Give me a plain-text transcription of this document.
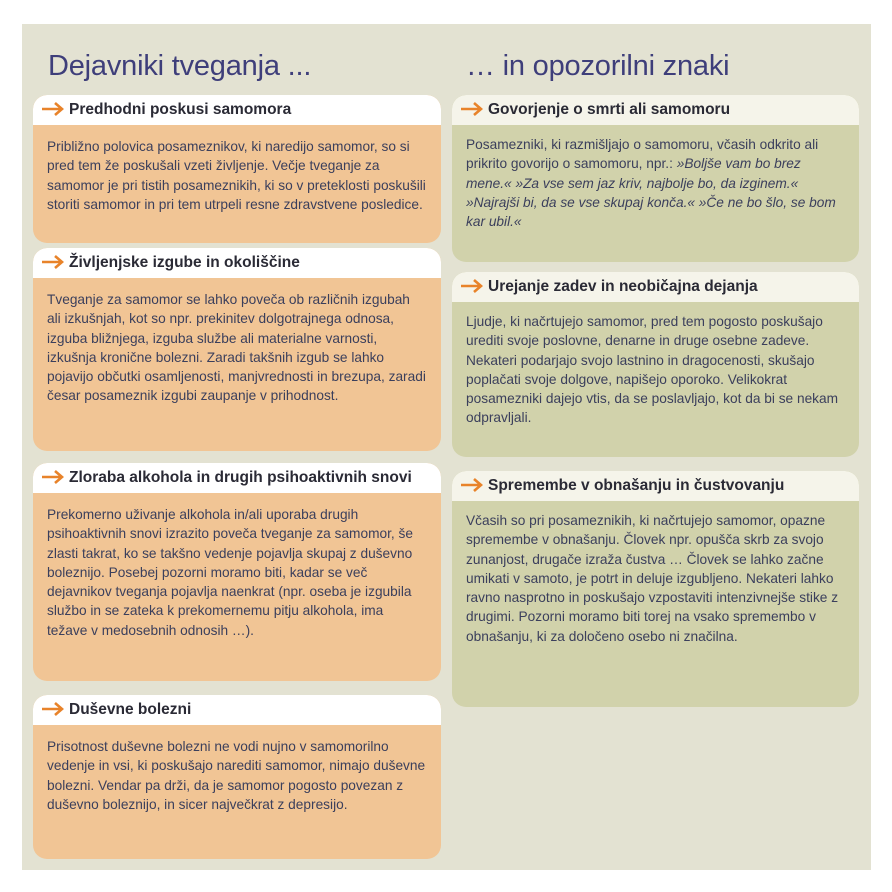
Dejavniki tveganja ...	… in opozorilni znaki
Predhodni poskusi samomora
Približno polovica posameznikov, ki naredijo samomor, so si pred tem že poskušali vzeti življenje. Večje tveganje za samomor je pri tistih posameznikih, ki so v preteklosti poskušili storiti samomor in pri tem utrpeli resne zdravstvene posledice.
Življenjske izgube in okoliščine
Tveganje za samomor se lahko poveča ob različnih izgubah ali izkušnjah, kot so npr. prekinitev dolgotrajnega odnosa, izguba bližnjega, izguba službe ali materialne varnosti, izkušnja kronične bolezni. Zaradi takšnih izgub se lahko pojavijo občutki osamljenosti, manjvrednosti in brezupa, zaradi česar posameznik izgubi zaupanje v prihodnost.
Zloraba alkohola in drugih psihoaktivnih snovi
Prekomerno uživanje alkohola in/ali uporaba drugih psihoaktivnih snovi izrazito poveča tveganje za samomor, še zlasti takrat, ko se takšno vedenje pojavlja skupaj z duševno boleznijo. Posebej pozorni moramo biti, kadar se več dejavnikov tveganja pojavlja naenkrat (npr. oseba je izgubila službo in se zateka k prekomernemu pitju alkohola, ima težave v medosebnih odnosih …).
Duševne bolezni
Prisotnost duševne bolezni ne vodi nujno v samomorilno vedenje in vsi, ki poskušajo narediti samomor, nimajo duševne bolezni. Vendar pa drži, da je samomor pogosto povezan z duševno boleznijo, in sicer največkrat z depresijo.
Govorjenje o smrti ali samomoru
Posamezniki, ki razmišljajo o samomoru, včasih odkrito ali prikrito govorijo o samomoru, npr.: »Boljše vam bo brez mene.« »Za vse sem jaz kriv, najbolje bo, da izginem.« »Najrajši bi, da se vse skupaj konča.« »Če ne bo šlo, se bom kar ubil.«
Urejanje zadev in neobičajna dejanja
Ljudje, ki načrtujejo samomor, pred tem pogosto poskušajo urediti svoje poslovne, denarne in druge osebne zadeve. Nekateri podarjajo svojo lastnino in dragocenosti, skušajo poplačati svoje dolgove, napišejo oporoko. Velikokrat posamezniki dajejo vtis, da se poslavljajo, kot da bi se nekam odpravljali.
Spremembe v obnašanju in čustvovanju
Včasih so pri posameznikih, ki načrtujejo samomor, opazne spremembe v obnašanju. Človek npr. opušča skrb za svojo zunanjost, drugače izraža čustva … Človek se lahko začne umikati v samoto, je potrt in deluje izgubljeno. Nekateri lahko ravno nasprotno in poskušajo vzpostaviti intenzivnejše stike z drugimi. Pozorni moramo biti torej na vsako spremembo v obnašanju, ki za določeno osebo ni značilna.
